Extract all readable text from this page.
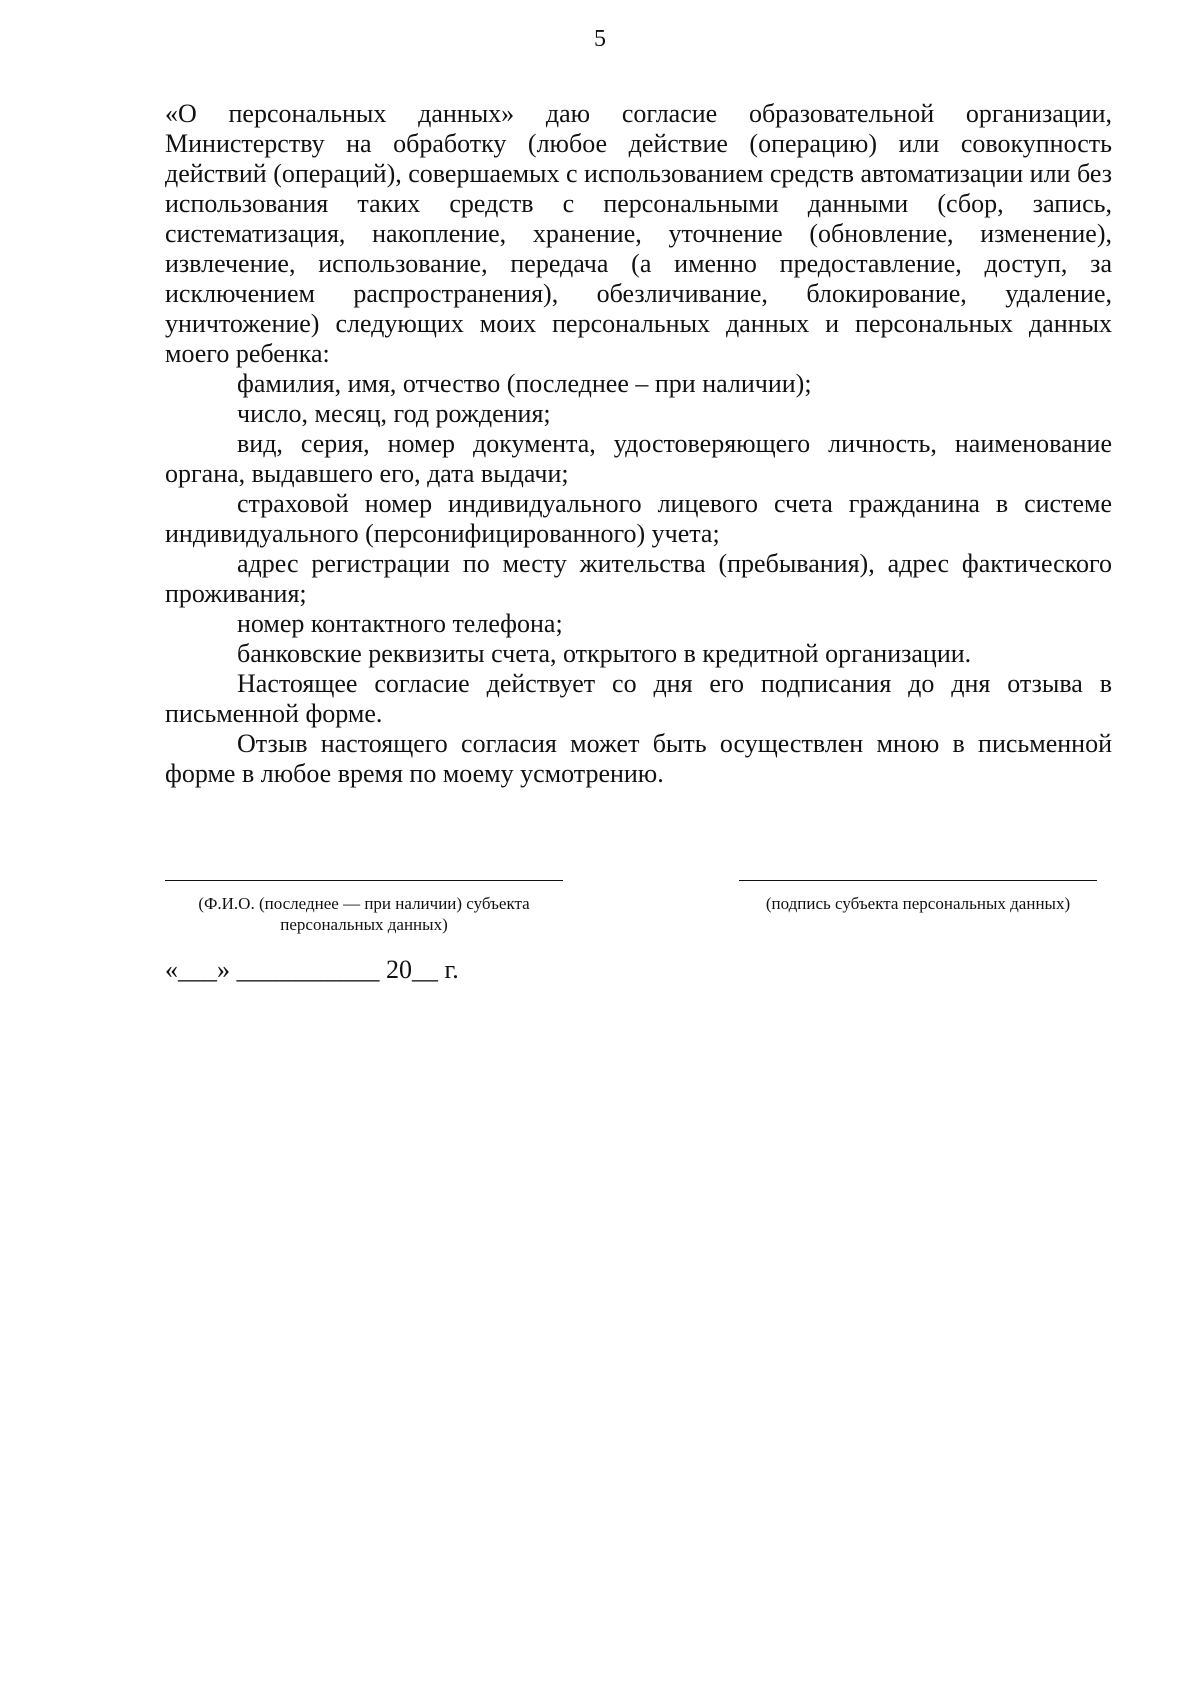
5

«О персональных данных» даю согласие образовательной организации, Министерству на обработку (любое действие (операцию) или совокупность действий (операций), совершаемых с использованием средств автоматизации или без использования таких средств с персональными данными (сбор, запись, систематизация, накопление, хранение, уточнение (обновление, изменение), извлечение, использование, передача (а именно предоставление, доступ, за исключением распространения), обезличивание, блокирование, удаление, уничтожение) следующих моих персональных данных и персональных данных моего ребенка:

фамилия, имя, отчество (последнее – при наличии);

число, месяц, год рождения;

вид, серия, номер документа, удостоверяющего личность, наименование органа, выдавшего его, дата выдачи;

страховой номер индивидуального лицевого счета гражданина в системе индивидуального (персонифицированного) учета;

адрес регистрации по месту жительства (пребывания), адрес фактического проживания;

номер контактного телефона;

банковские реквизиты счета, открытого в кредитной организации.

Настоящее согласие действует со дня его подписания до дня отзыва в письменной форме.

Отзыв настоящего согласия может быть осуществлен мною в письменной форме в любое время по моему усмотрению.

(Ф.И.О. (последнее — при наличии) субъекта персональных данных)
(подпись субъекта персональных данных)
«___» ___________ 20__ г.
